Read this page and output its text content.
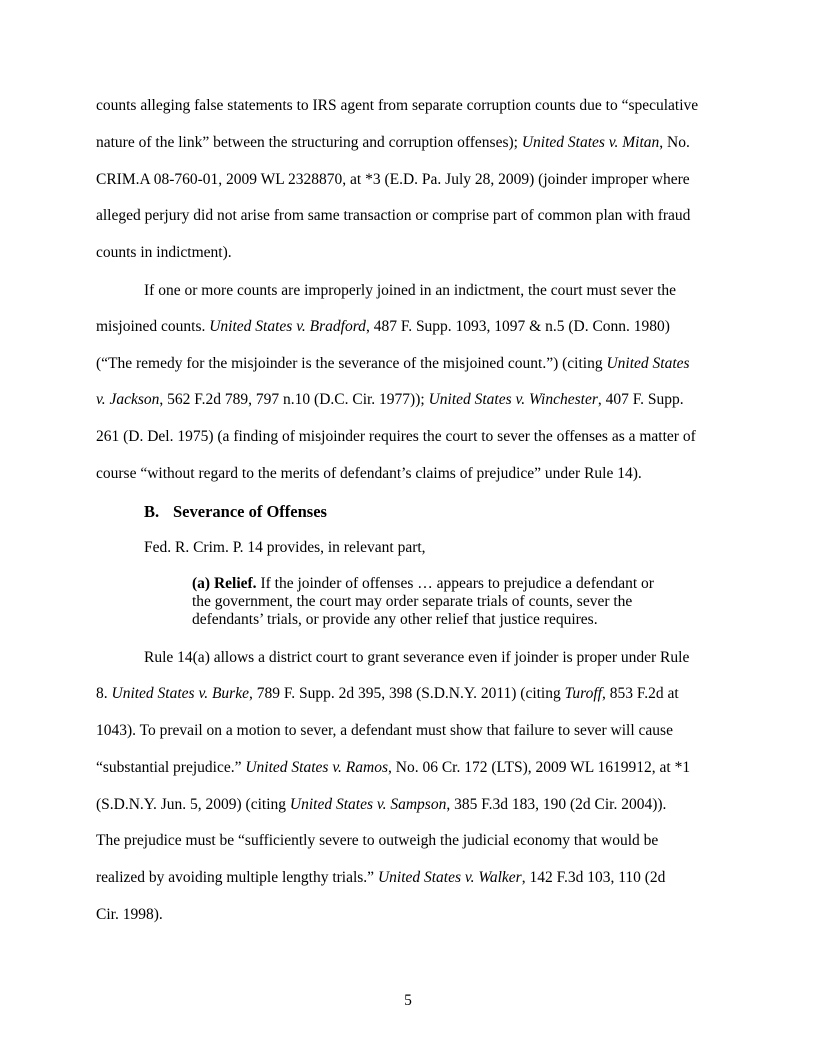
counts alleging false statements to IRS agent from separate corruption counts due to “speculative
nature of the link” between the structuring and corruption offenses); United States v. Mitan, No.
CRIM.A 08-760-01, 2009 WL 2328870, at *3 (E.D. Pa. July 28, 2009) (joinder improper where
alleged perjury did not arise from same transaction or comprise part of common plan with fraud
counts in indictment).
If one or more counts are improperly joined in an indictment, the court must sever the
misjoined counts. United States v. Bradford, 487 F. Supp. 1093, 1097 & n.5 (D. Conn. 1980)
(“The remedy for the misjoinder is the severance of the misjoined count.”) (citing United States
v. Jackson, 562 F.2d 789, 797 n.10 (D.C. Cir. 1977)); United States v. Winchester, 407 F. Supp.
261 (D. Del. 1975) (a finding of misjoinder requires the court to sever the offenses as a matter of
course “without regard to the merits of defendant’s claims of prejudice” under Rule 14).
B. Severance of Offenses
Fed. R. Crim. P. 14 provides, in relevant part,
(a) Relief. If the joinder of offenses … appears to prejudice a defendant or
the government, the court may order separate trials of counts, sever the
defendants’ trials, or provide any other relief that justice requires.
Rule 14(a) allows a district court to grant severance even if joinder is proper under Rule
8. United States v. Burke, 789 F. Supp. 2d 395, 398 (S.D.N.Y. 2011) (citing Turoff, 853 F.2d at
1043). To prevail on a motion to sever, a defendant must show that failure to sever will cause
“substantial prejudice.” United States v. Ramos, No. 06 Cr. 172 (LTS), 2009 WL 1619912, at *1
(S.D.N.Y. Jun. 5, 2009) (citing United States v. Sampson, 385 F.3d 183, 190 (2d Cir. 2004)).
The prejudice must be “sufficiently severe to outweigh the judicial economy that would be
realized by avoiding multiple lengthy trials.” United States v. Walker, 142 F.3d 103, 110 (2d
Cir. 1998).
5
